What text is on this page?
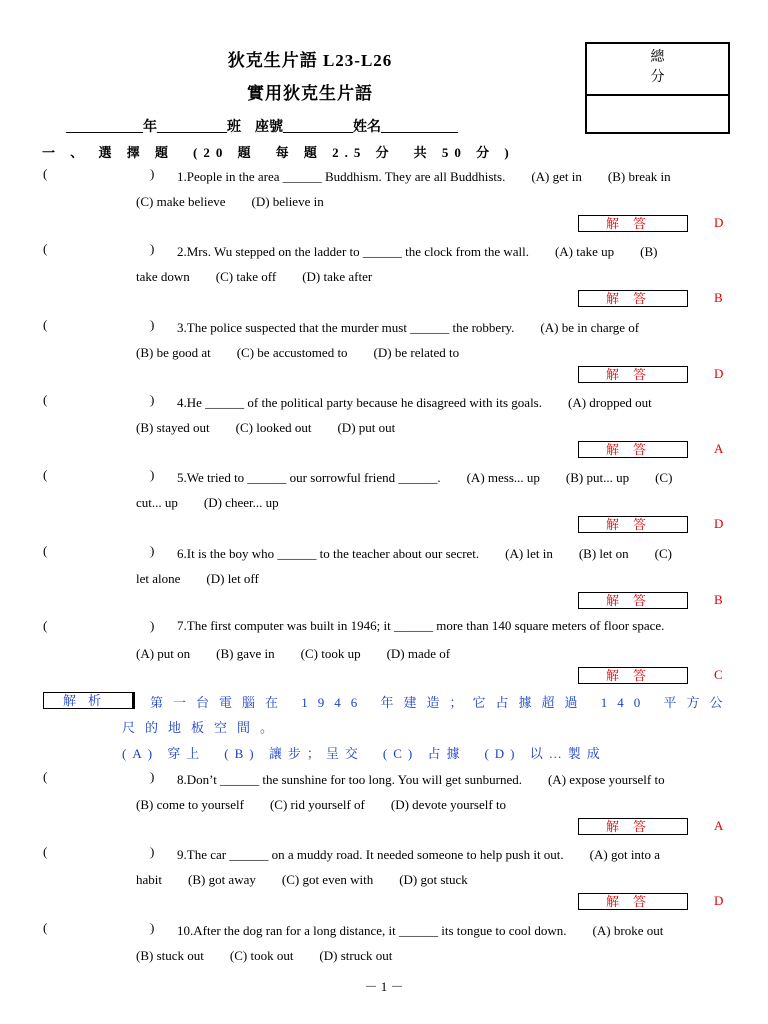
狄克生片語 L23-L26
實用狄克生片語
總
分
___________年__________班　座號__________姓名___________
一 、 選 擇 題　(20 題　每 題 2.5 分　共 50 分 )
(	) 1.People in the area ______ Buddhism. They are all Buddhists.　　(A) get in　　(B) break in
(C) make believe　　(D) believe in
解答	D
(	) 2.Mrs. Wu stepped on the ladder to ______ the clock from the wall.　　(A) take up　　(B)
take down　　(C) take off　　(D) take after
解答	B
(	) 3.The police suspected that the murder must ______ the robbery.　　(A) be in charge of
(B) be good at　　(C) be accustomed to　　(D) be related to
解答	D
(	) 4.He ______ of the political party because he disagreed with its goals.　　(A) dropped out
(B) stayed out　　(C) looked out　　(D) put out
解答	A
(	) 5.We tried to ______ our sorrowful friend ______.　　(A) mess... up　　(B) put... up　　(C)
cut... up　　(D) cheer... up
解答	D
(	) 6.It is the boy who ______ to the teacher about our secret.　　(A) let in　　(B) let on　　(C)
let alone　　(D) let off
解答	B
(	) 7.The first computer was built in 1946; it ______ more than 140 square meters of floor space.
(A) put on　　(B) gave in　　(C) took up　　(D) made of
解答	C
(	) 8.Don’t ______ the sunshine for too long. You will get sunburned.　　(A) expose yourself to
(B) come to yourself　　(C) rid yourself of　　(D) devote yourself to
解答	A
(	) 9.The car ______ on a muddy road. It needed someone to help push it out.　　(A) got into a
habit　　(B) got away　　(C) got even with　　(D) got stuck
解答	D
(	) 10.After the dog ran for a long distance, it ______ its tongue to cool down.　　(A) broke out
(B) stuck out　　(C) took out　　(D) struck out
解析	第一台電腦在 1946 年建造；它占據超過 140 平方公
尺的地板空間。
(A) 穿上　(B) 讓步；呈交　(C) 占據　(D) 以…製成
－ 1 －
